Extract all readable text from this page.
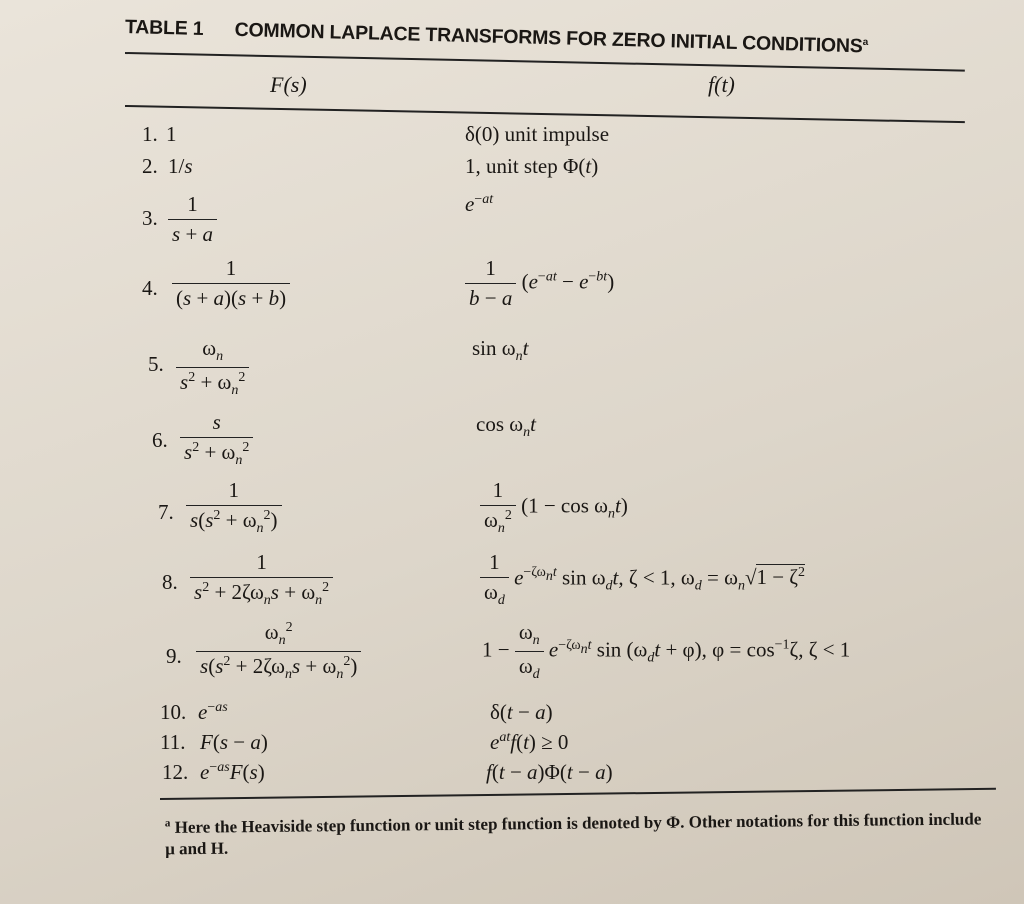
TABLE 1 COMMON LAPLACE TRANSFORMS FOR ZERO INITIAL CONDITIONS$^a$
F(s)	f(t)
1. 1	δ(0) unit impulse
2. 1/s	1, unit step Φ(t)
3. $\frac{1}{s + a}$	$e^{-at}$
4. $\frac{1}{(s + a)(s + b)}$	$\frac{1}{b - a} (e^{-at} - e^{-bt})$
5. $\frac{\omega_n}{s^2 + \omega_n^2}$	$\sin \omega_nt$
6. $\frac{s}{s^2 + \omega_n^2}$	$\cos \omega_nt$
7. $\frac{1}{s(s^2 + \omega_n^2)}$	$\frac{1}{\omega_n^2} (1 - \cos \omega_nt)$
8. $\frac{1}{s^2 + 2\zeta\omega_ns + \omega_n^2}$	$\frac{1}{\omega_d} e^{-\zeta\omega_nt}$ $\sin \omega_dt$, ζ < 1, $\omega_d = \omega_n√1 - \zeta^2$
9. $\frac{\omega_n^2}{s(s^2 + 2\zeta\omega_ns + \omega_n^2)}$	$1 - \frac{\omega_n}{\omega_d} e^{-\zeta\omega_nt}$ $\sin (\omega_dt + \varphi)$, $\varphi = \cos^{-1}\zeta$, ζ < 1
10. $e^{-as}$	δ(t − a)
11. F(s − a)	$e^{at}f(t) \ge 0$
12. $e^{-as}F(s)$	f(t − a)Φ(t − a)
$^a$ Here the Heaviside step function or unit step function is denoted by Φ. Other notations for this function include μ and H.
